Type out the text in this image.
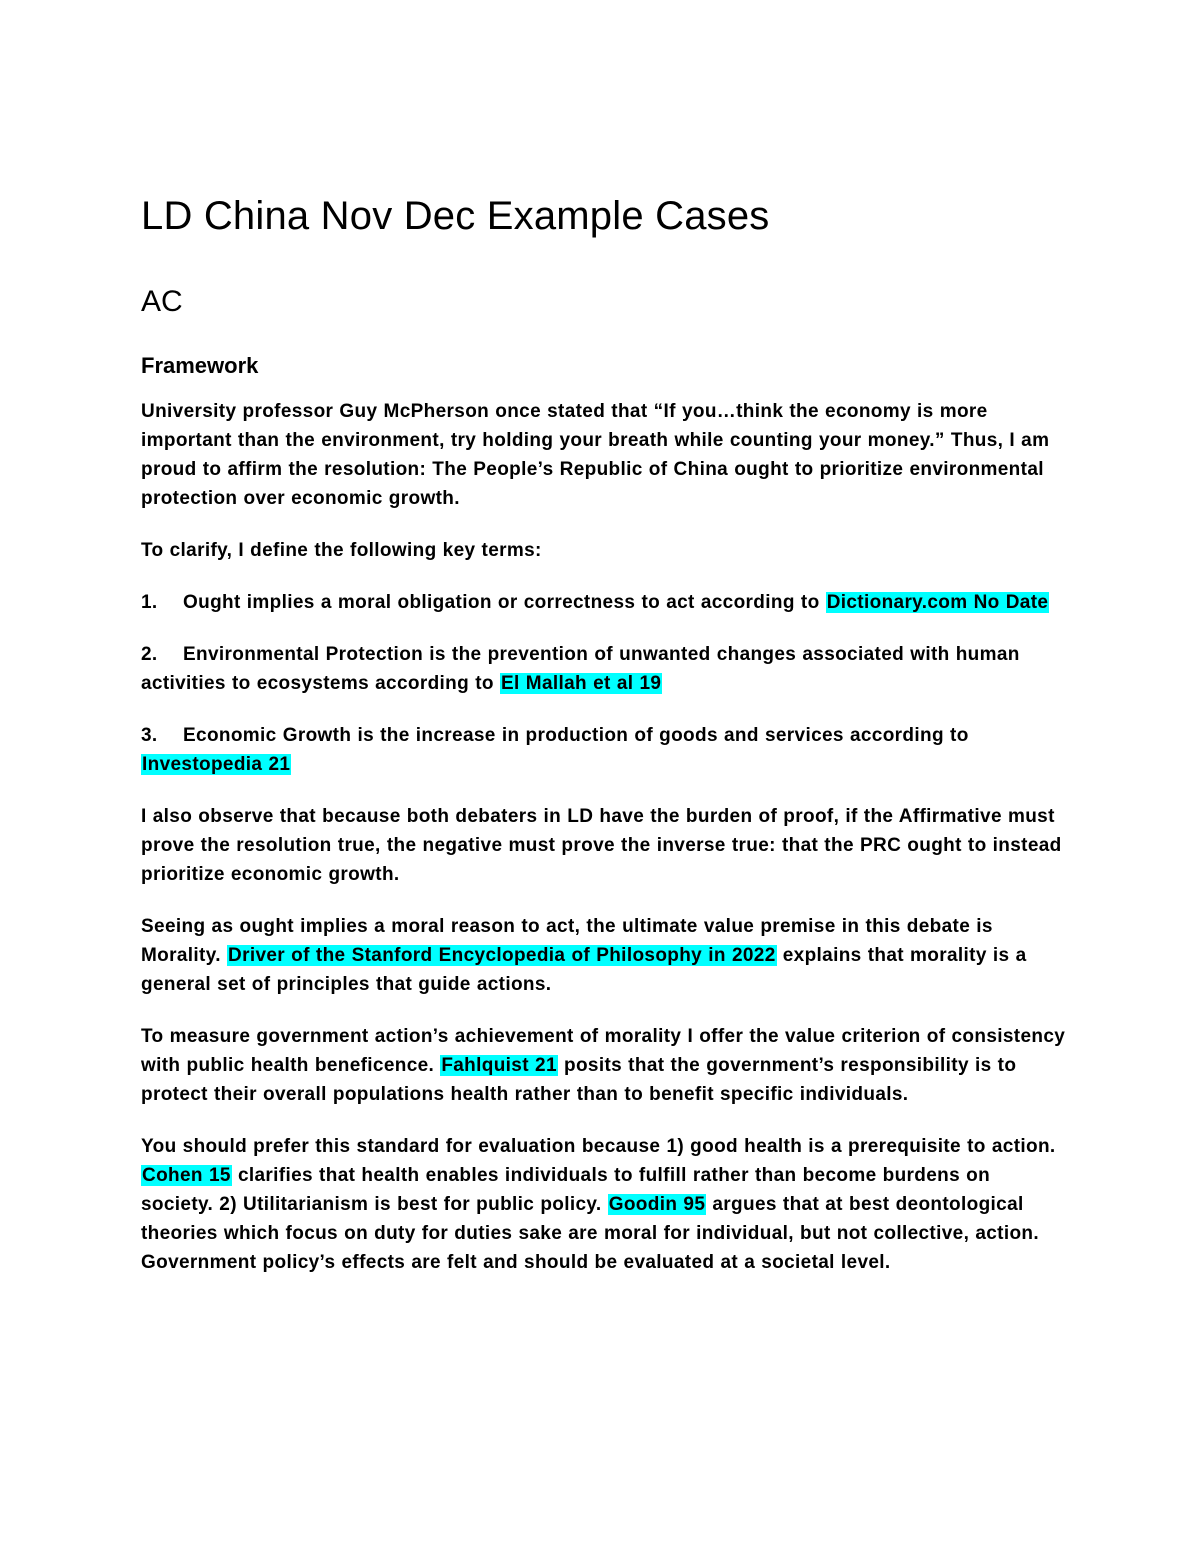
LD China Nov Dec Example Cases
AC
Framework

University professor Guy McPherson once stated that “If you…think the economy is more important than the environment, try holding your breath while counting your money.” Thus, I am proud to affirm the resolution: The People’s Republic of China ought to prioritize environmental protection over economic growth.

To clarify, I define the following key terms:

1. Ought implies a moral obligation or correctness to act according to Dictionary.com No Date

2. Environmental Protection is the prevention of unwanted changes associated with human activities to ecosystems according to El Mallah et al 19

3. Economic Growth is the increase in production of goods and services according to Investopedia 21

I also observe that because both debaters in LD have the burden of proof, if the Affirmative must prove the resolution true, the negative must prove the inverse true: that the PRC ought to instead prioritize economic growth.

Seeing as ought implies a moral reason to act, the ultimate value premise in this debate is Morality. Driver of the Stanford Encyclopedia of Philosophy in 2022 explains that morality is a general set of principles that guide actions.

To measure government action’s achievement of morality I offer the value criterion of consistency with public health beneficence. Fahlquist 21 posits that the government’s responsibility is to protect their overall populations health rather than to benefit specific individuals.

You should prefer this standard for evaluation because 1) good health is a prerequisite to action. Cohen 15 clarifies that health enables individuals to fulfill rather than become burdens on society. 2) Utilitarianism is best for public policy. Goodin 95 argues that at best deontological theories which focus on duty for duties sake are moral for individual, but not collective, action. Government policy’s effects are felt and should be evaluated at a societal level.
